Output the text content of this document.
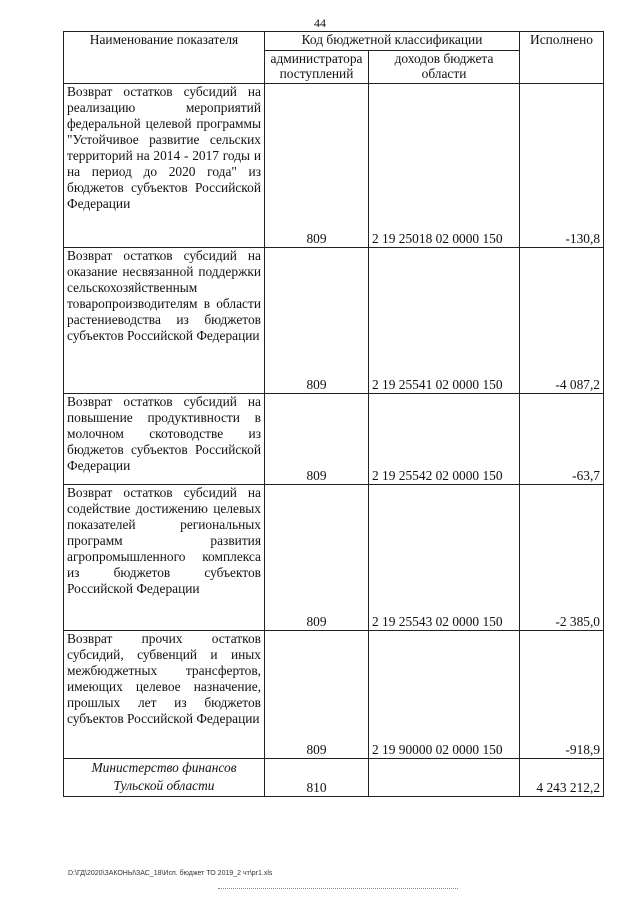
44
Наименование показателя	Код бюджетной классификации		Исполнено
	администратора поступлений	доходов бюджета области	
Возврат остатков субсидий на реализацию мероприятий федеральной целевой программы "Устойчивое развитие сельских территорий на 2014 - 2017 годы и на период до 2020 года" из бюджетов субъектов Российской Федерации	809	2 19 25018 02 0000 150	-130,8
Возврат остатков субсидий на оказание несвязанной поддержки сельскохозяйственным товаропроизводителям в области растениеводства из бюджетов субъектов Российской Федерации	809	2 19 25541 02 0000 150	-4 087,2
Возврат остатков субсидий на повышение продуктивности в молочном скотоводстве из бюджетов субъектов Российской Федерации	809	2 19 25542 02 0000 150	-63,7
Возврат остатков субсидий на содействие достижению целевых показателей региональных программ развития агропромышленного комплекса из бюджетов субъектов Российской Федерации	809	2 19 25543 02 0000 150	-2 385,0
Возврат прочих остатков субсидий, субвенций и иных межбюджетных трансфертов, имеющих целевое назначение, прошлых лет из бюджетов субъектов Российской Федерации	809	2 19 90000 02 0000 150	-918,9
Министерство финансов Тульской области	810		4 243 212,2
D:\ГД\2020\ЗАКОНЫ\ЗАС_18\Исп. бюджет ТО 2019_2 чт\pr1.xls
